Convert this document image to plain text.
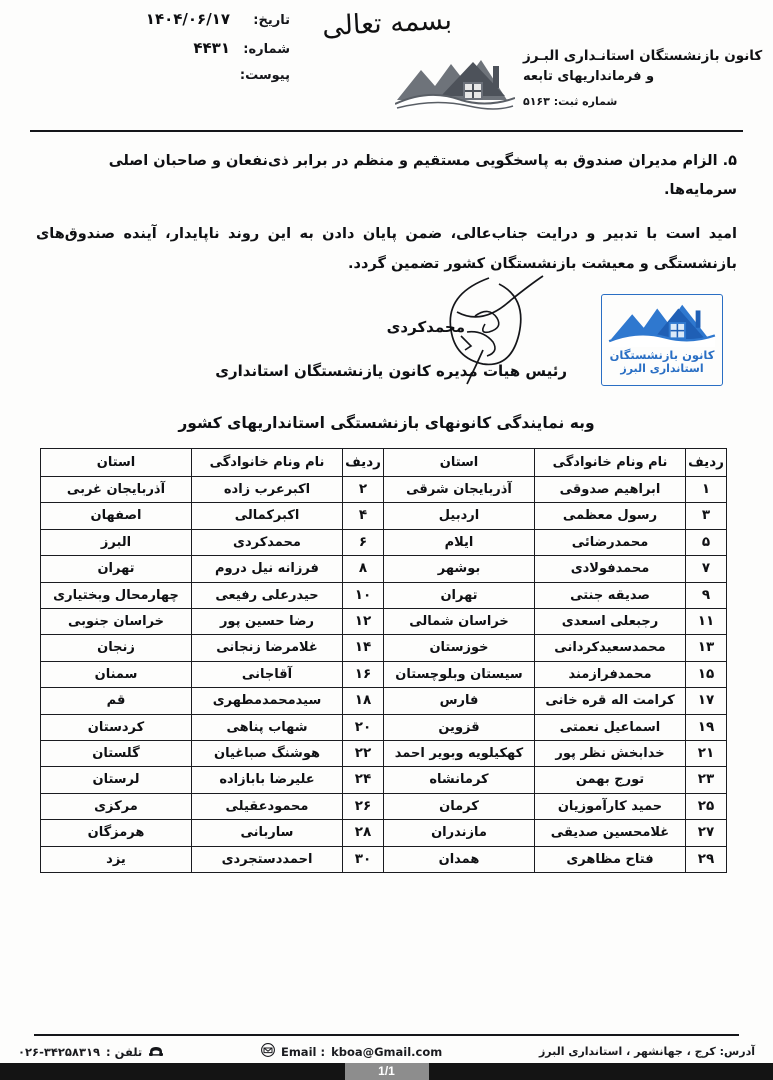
بسمه تعالی
تاریخ:
۱۴۰۴/۰۶/۱۷
شماره:
۴۴۳۱
پیوست:
کانون بازنشستگان استانـداری البـرز
و فرمانداریهای تابعه
شماره ثبت: ۵۱۶۳

۵. الزام مدیران صندوق به پاسخگویی مستقیم و منظم در برابر ذی‌نفعان و صاحبان اصلی سرمایه‌ها.

امید است با تدبیر و درایت جناب‌عالی، ضمن پایان دادن به این روند ناپایدار، آینده صندوق‌های بازنشستگی و معیشت بازنشستگان کشور تضمین گردد.

کانون بازنشستگان
استانداری البرز
محمدکردی
رئیس هیات مدیره کانون یازنشستگان استانداری
وبه نمایندگی کانونهای بازنشستگی استانداریهای کشور
ردیف	نام ونام خانوادگی	استان	ردیف	نام ونام خانوادگی	استان
۱	ابراهیم صدوقی	آذربایجان شرقی	۲	اکبرعرب زاده	آذربایجان غربی
۳	رسول معظمی	اردبیل	۴	اکبرکمالی	اصفهان
۵	محمدرضائی	ایلام	۶	محمدکردی	البرز
۷	محمدفولادی	بوشهر	۸	فرزانه نیل دروم	تهران
۹	صدیقه جنتی	تهران	۱۰	حیدرعلی رفیعی	چهارمحال وبختیاری
۱۱	رجبعلی اسعدی	خراسان شمالی	۱۲	رضا حسین پور	خراسان جنوبی
۱۳	محمدسعیدکردانی	خوزستان	۱۴	غلامرضا زنجانی	زنجان
۱۵	محمدفرازمند	سیستان وبلوچستان	۱۶	آقاجانی	سمنان
۱۷	کرامت اله قره خانی	فارس	۱۸	سیدمحمدمطهری	قم
۱۹	اسماعیل نعمتی	قزوین	۲۰	شهاب پناهی	کردستان
۲۱	خدابخش نظر پور	کهکیلویه وبویر احمد	۲۲	هوشنگ صباغیان	گلستان
۲۳	تورج بهمن	کرمانشاه	۲۴	علیرضا بابازاده	لرستان
۲۵	حمید کارآموزیان	کرمان	۲۶	محمودعقیلی	مرکزی
۲۷	غلامحسین صدیقی	مازندران	۲۸	ساربانی	هرمزگان
۲۹	فتاح مظاهری	همدان	۳۰	احمددستجردی	یزد
آدرس: کرج ، جهانشهر ، استانداری البرز
Email : kboa@Gmail.com
تلفن :
۰۲۶-۳۴۲۵۸۳۱۹
1/1
